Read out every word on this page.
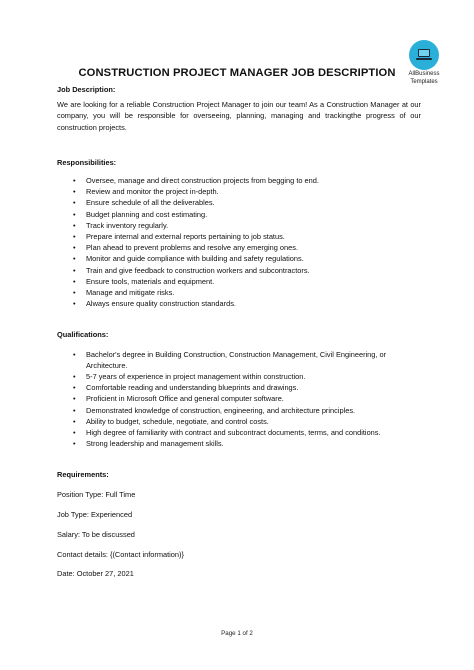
AllBusiness
Templates
CONSTRUCTION PROJECT MANAGER JOB DESCRIPTION
Job Description:

We are looking for a reliable Construction Project Manager to join our team! As a Construction Manager at our company, you will be responsible for overseeing, planning, managing and trackingthe progress of our construction projects.

Responsibilities:
• Oversee, manage and direct construction projects from begging to end.
• Review and monitor the project in-depth.
• Ensure schedule of all the deliverables.
• Budget planning and cost estimating.
• Track inventory regularly.
• Prepare internal and external reports pertaining to job status.
• Plan ahead to prevent problems and resolve any emerging ones.
• Monitor and guide compliance with building and safety regulations.
• Train and give feedback to construction workers and subcontractors.
• Ensure tools, materials and equipment.
• Manage and mitigate risks.
• Always ensure quality construction standards.
Qualifications:
• Bachelor's degree in Building Construction, Construction Management, Civil Engineering, or Architecture.
• 5-7 years of experience in project management within construction.
• Comfortable reading and understanding blueprints and drawings.
• Proficient in Microsoft Office and general computer software.
• Demonstrated knowledge of construction, engineering, and architecture principles.
• Ability to budget, schedule, negotiate, and control costs.
• High degree of familiarity with contract and subcontract documents, terms, and conditions.
• Strong leadership and management skills.
Requirements:
Position Type: Full Time
Job Type: Experienced
Salary: To be discussed
Contact details: {(Contact information)}
Date: October 27, 2021
Page 1 of 2
